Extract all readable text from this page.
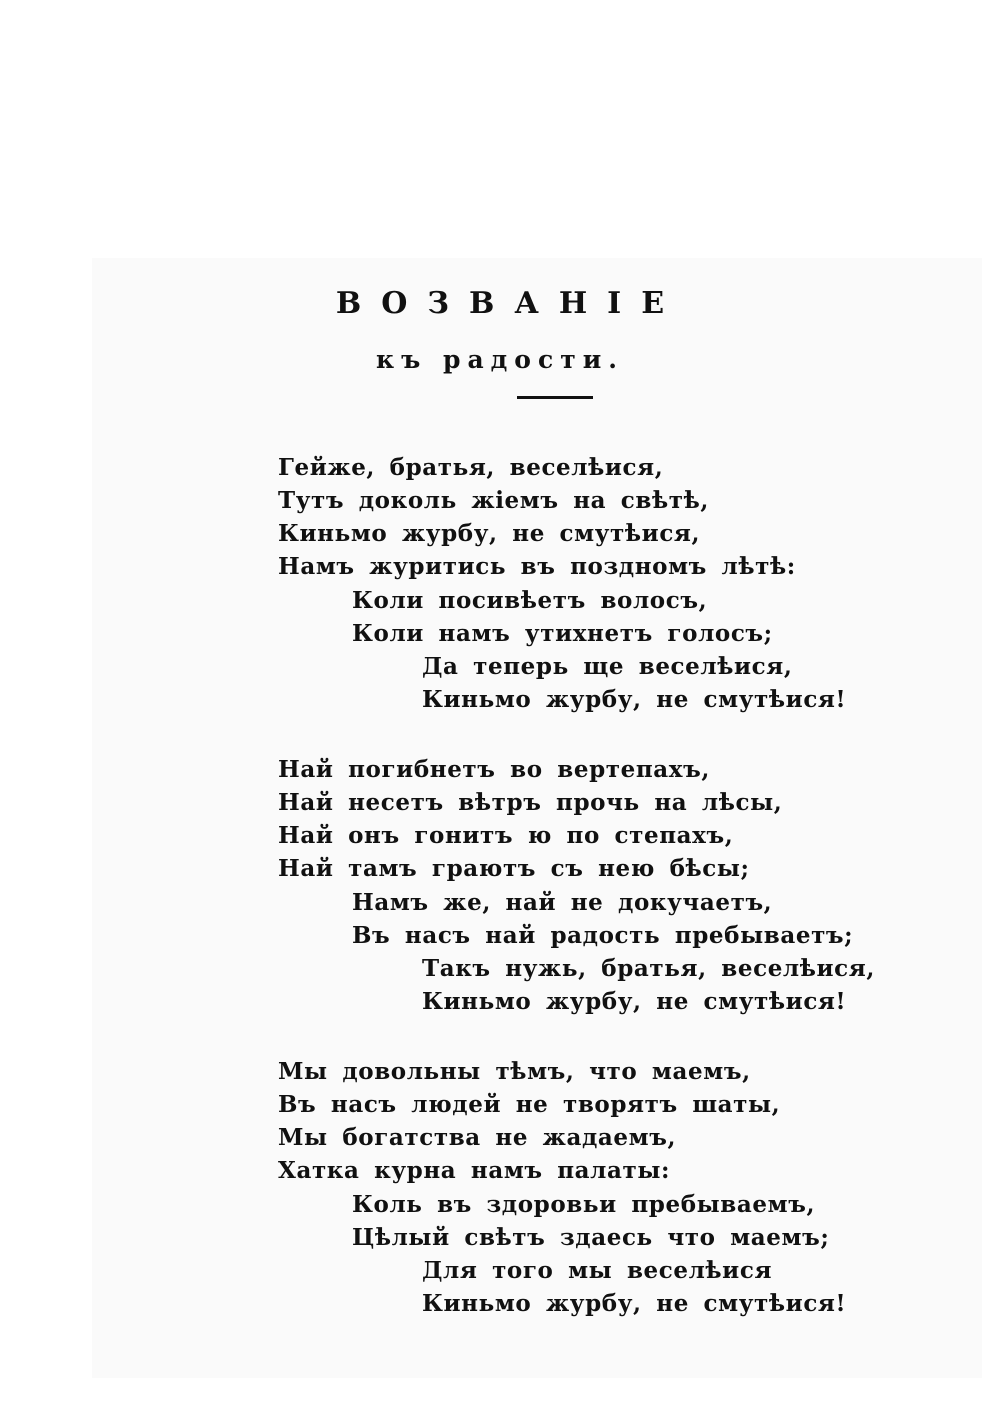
ВОЗВАНІЕ
къ радости.
Гейже, братья, веселѣися,
Тутъ доколь жіемъ на свѣтѣ,
Киньмо журбу, не смутѣися,
Намъ журитись въ поздномъ лѣтѣ:
Коли посивѣетъ волосъ,
Коли намъ утихнетъ голосъ;
Да теперь ще веселѣися,
Киньмо журбу, не смутѣися!
Най погибнетъ во вертепахъ,
Най несетъ вѣтръ прочь на лѣсы,
Най онъ гонитъ ю по степахъ,
Най тамъ граютъ съ нею бѣсы;
Намъ же, най не докучаетъ,
Въ насъ най радость пребываетъ;
Такъ нужь, братья, веселѣися,
Киньмо журбу, не смутѣися!
Мы довольны тѣмъ, что маемъ,
Въ насъ людей не творятъ шаты,
Мы богатства не жадаемъ,
Хатка курна намъ палаты:
Коль въ здоровьи пребываемъ,
Цѣлый свѣтъ здаесь что маемъ;
Для того мы веселѣися
Киньмо журбу, не смутѣися!
